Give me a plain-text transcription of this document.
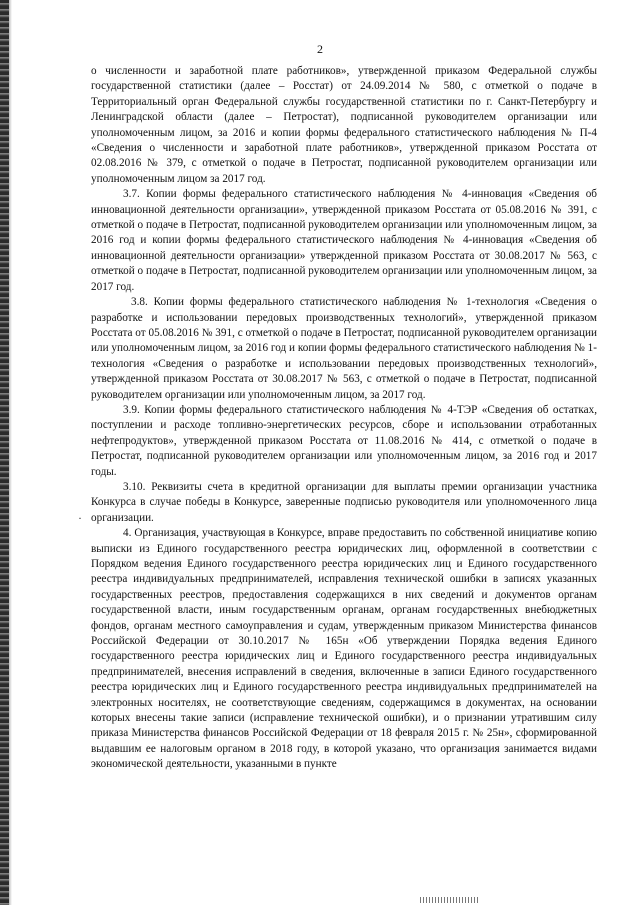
2
·

о численности и заработной плате работников», утвержденной приказом Федеральной службы государственной статистики (далее – Росстат) от 24.09.2014 № 580, с отметкой о подаче в Территориальный орган Федеральной службы государственной статистики по г. Санкт-Петербургу и Ленинградской области (далее – Петростат), подписанной руководителем организации или уполномоченным лицом, за 2016 и копии формы федерального статистического наблюдения № П-4 «Сведения о численности и заработной плате работников», утвержденной приказом Росстата от 02.08.2016 № 379, с отметкой о подаче в Петростат, подписанной руководителем организации или уполномоченным лицом за 2017 год.

3.7. Копии формы федерального статистического наблюдения № 4-инновация «Сведения об инновационной деятельности организации», утвержденной приказом Росстата от 05.08.2016 № 391, с отметкой о подаче в Петростат, подписанной руководителем организации или уполномоченным лицом, за 2016 год и копии формы федерального статистического наблюдения № 4-инновация «Сведения об инновационной деятельности организации» утвержденной приказом Росстата от 30.08.2017 № 563, с отметкой о подаче в Петростат, подписанной руководителем организации или уполномоченным лицом, за 2017 год.

3.8. Копии формы федерального статистического наблюдения № 1-технология «Сведения о разработке и использовании передовых производственных технологий», утвержденной приказом Росстата от 05.08.2016 № 391, с отметкой о подаче в Петростат, подписанной руководителем организации или уполномоченным лицом, за 2016 год и копии формы федерального статистического наблюдения № 1-технология «Сведения о разработке и использовании передовых производственных технологий», утвержденной приказом Росстата от 30.08.2017 № 563, с отметкой о подаче в Петростат, подписанной руководителем организации или уполномоченным лицом, за 2017 год.

3.9. Копии формы федерального статистического наблюдения № 4-ТЭР «Сведения об остатках, поступлении и расходе топливно-энергетических ресурсов, сборе и использовании отработанных нефтепродуктов», утвержденной приказом Росстата от 11.08.2016 № 414, с отметкой о подаче в Петростат, подписанной руководителем организации или уполномоченным лицом, за 2016 год и 2017 годы.

3.10. Реквизиты счета в кредитной организации для выплаты премии организации участника Конкурса в случае победы в Конкурсе, заверенные подписью руководителя или уполномоченного лица организации.

4. Организация, участвующая в Конкурсе, вправе предоставить по собственной инициативе копию выписки из Единого государственного реестра юридических лиц, оформленной в соответствии с Порядком ведения Единого государственного реестра юридических лиц и Единого государственного реестра индивидуальных предпринимателей, исправления технической ошибки в записях указанных государственных реестров, предоставления содержащихся в них сведений и документов органам государственной власти, иным государственным органам, органам государственных внебюджетных фондов, органам местного самоуправления и судам, утвержденным приказом Министерства финансов Российской Федерации от 30.10.2017 № 165н «Об утверждении Порядка ведения Единого государственного реестра юридических лиц и Единого государственного реестра индивидуальных предпринимателей, внесения исправлений в сведения, включенные в записи Единого государственного реестра юридических лиц и Единого государственного реестра индивидуальных предпринимателей на электронных носителях, не соответствующие сведениям, содержащимся в документах, на основании которых внесены такие записи (исправление технической ошибки), и о признании утратившим силу приказа Министерства финансов Российской Федерации от 18 февраля 2015 г. № 25н», сформированной выдавшим ее налоговым органом в 2018 году, в которой указано, что организация занимается видами экономической деятельности, указанными в пункте
